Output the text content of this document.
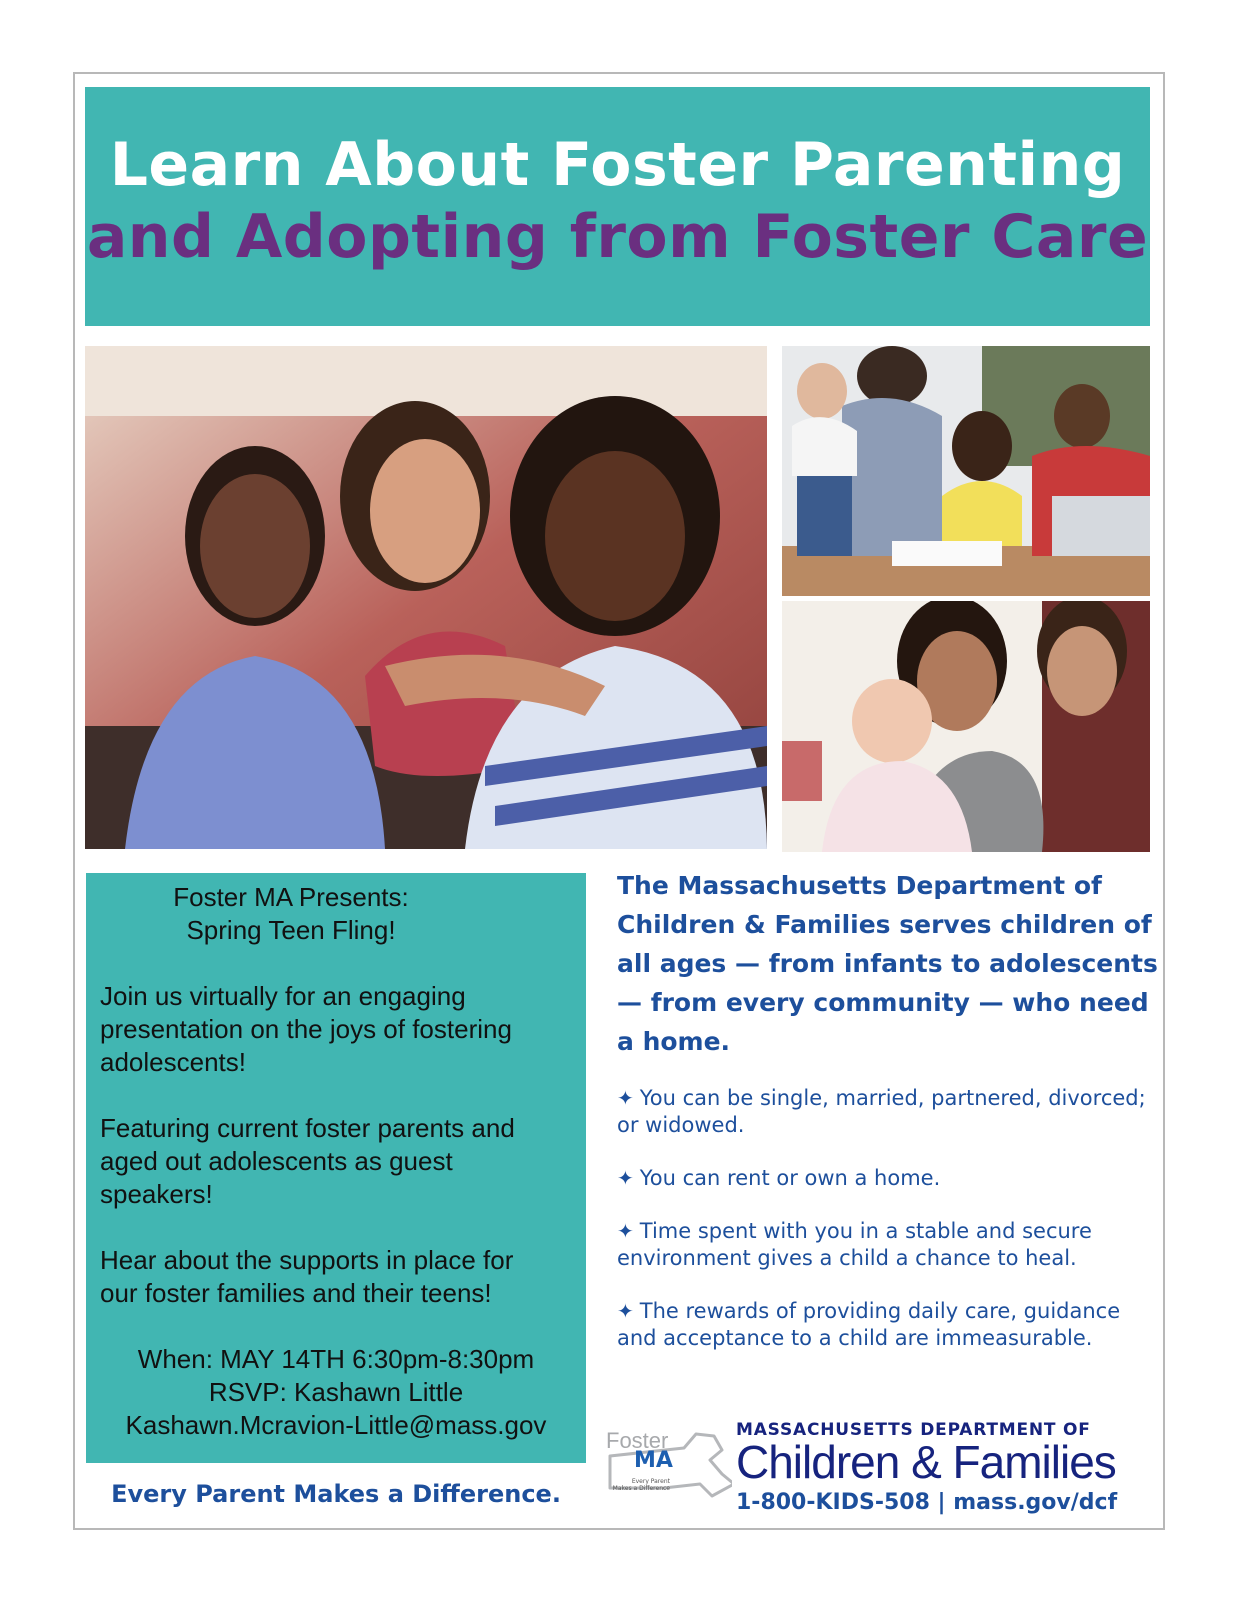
Learn About Foster Parenting
and Adopting from Foster Care
Foster MA Presents:
Spring Teen Fling!
Join us virtually for an engaging presentation on the joys of fostering adolescents!
Featuring current foster parents and aged out adolescents as guest speakers!
Hear about the supports in place for our foster families and their teens!
When: MAY 14TH 6:30pm-8:30pm
RSVP: Kashawn Little
Kashawn.Mcravion-Little@mass.gov
Every Parent Makes a Difference.

The Massachusetts Department of Children & Families serves children of all ages — from infants to adolescents — from every community — who need a home.

✦ You can be single, married, partnered, divorced; or widowed.
✦ You can rent or own a home.
✦ Time spent with you in a stable and secure environment gives a child a chance to heal.
✦ The rewards of providing daily care, guidance and acceptance to a child are immeasurable.
Foster
MA
Every Parent Makes a Difference
MASSACHUSETTS DEPARTMENT OF
Children & Families
1-800-KIDS-508 | mass.gov/dcf
